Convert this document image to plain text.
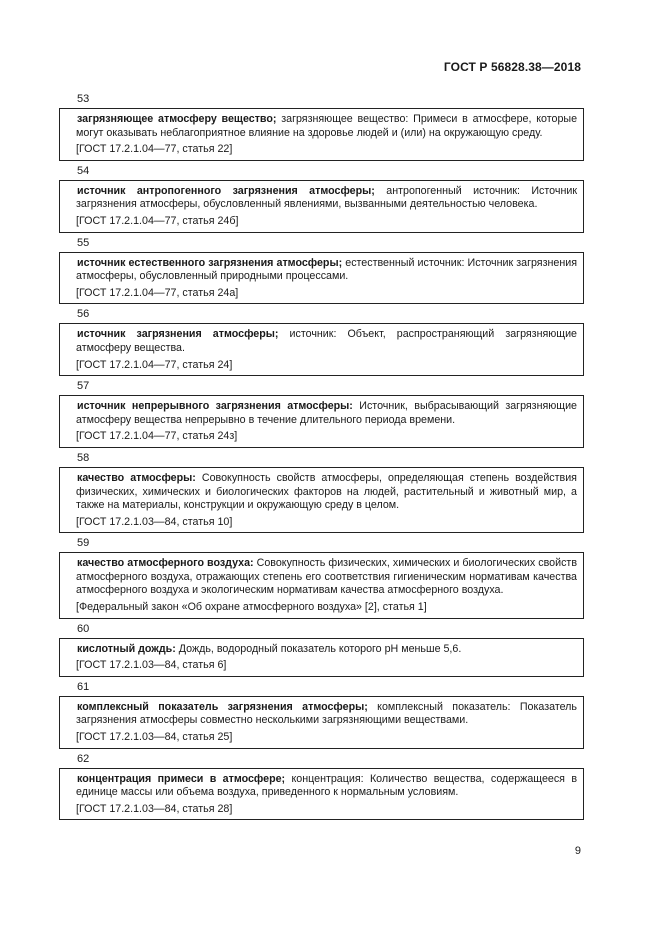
ГОСТ Р 56828.38—2018
53
загрязняющее атмосферу вещество; загрязняющее вещество: Примеси в атмосфере, которые могут оказывать неблагоприятное влияние на здоровье людей и (или) на окружающую среду.
[ГОСТ 17.2.1.04—77, статья 22]
54
источник антропогенного загрязнения атмосферы; антропогенный источник: Источник загрязнения атмосферы, обусловленный явлениями, вызванными деятельностью человека.
[ГОСТ 17.2.1.04—77, статья 24б]
55
источник естественного загрязнения атмосферы; естественный источник: Источник загрязнения атмосферы, обусловленный природными процессами.
[ГОСТ 17.2.1.04—77, статья 24а]
56
источник загрязнения атмосферы; источник: Объект, распространяющий загрязняющие атмосферу вещества.
[ГОСТ 17.2.1.04—77, статья 24]
57
источник непрерывного загрязнения атмосферы: Источник, выбрасывающий загрязняющие атмосферу вещества непрерывно в течение длительного периода времени.
[ГОСТ 17.2.1.04—77, статья 24з]
58
качество атмосферы: Совокупность свойств атмосферы, определяющая степень воздействия физических, химических и биологических факторов на людей, растительный и животный мир, а также на материалы, конструкции и окружающую среду в целом.
[ГОСТ 17.2.1.03—84, статья 10]
59
качество атмосферного воздуха: Совокупность физических, химических и биологических свойств атмосферного воздуха, отражающих степень его соответствия гигиеническим нормативам качества атмосферного воздуха и экологическим нормативам качества атмосферного воздуха.
[Федеральный закон «Об охране атмосферного воздуха» [2], статья 1]
60
кислотный дождь: Дождь, водородный показатель которого рН меньше 5,6.
[ГОСТ 17.2.1.03—84, статья 6]
61
комплексный показатель загрязнения атмосферы; комплексный показатель: Показатель загрязнения атмосферы совместно несколькими загрязняющими веществами.
[ГОСТ 17.2.1.03—84, статья 25]
62
концентрация примеси в атмосфере; концентрация: Количество вещества, содержащееся в единице массы или объема воздуха, приведенного к нормальным условиям.
[ГОСТ 17.2.1.03—84, статья 28]
9
